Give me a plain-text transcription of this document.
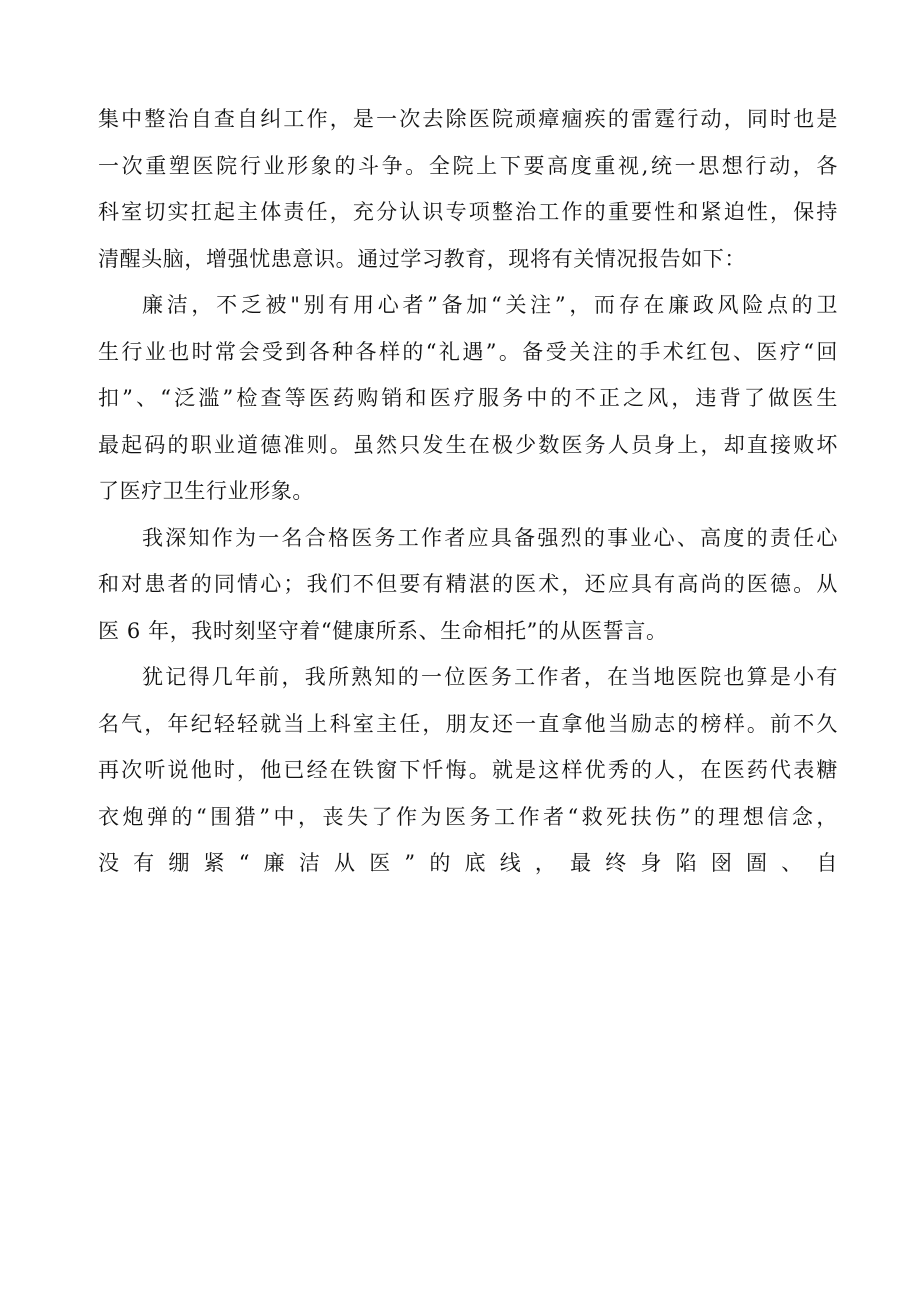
集中整治自查自纠工作，是一次去除医院顽瘴痼疾的雷霆行动，同时也是
一次重塑医院行业形象的斗争。全院上下要高度重视,统一思想行动，各
科室切实扛起主体责任，充分认识专项整治工作的重要性和紧迫性，保持
清醒头脑，增强忧患意识。通过学习教育，现将有关情况报告如下：
廉洁，不乏被"别有用心者”备加“关注”，而存在廉政风险点的卫
生行业也时常会受到各种各样的“礼遇”。备受关注的手术红包、医疗“回
扣”、“泛滥”检查等医药购销和医疗服务中的不正之风，违背了做医生
最起码的职业道德准则。虽然只发生在极少数医务人员身上，却直接败坏
了医疗卫生行业形象。
我深知作为一名合格医务工作者应具备强烈的事业心、高度的责任心
和对患者的同情心；我们不但要有精湛的医术，还应具有高尚的医德。从
医 6 年，我时刻坚守着“健康所系、生命相托”的从医誓言。
犹记得几年前，我所熟知的一位医务工作者，在当地医院也算是小有
名气，年纪轻轻就当上科室主任，朋友还一直拿他当励志的榜样。前不久
再次听说他时，他已经在铁窗下忏悔。就是这样优秀的人，在医药代表糖
衣炮弹的“围猎”中，丧失了作为医务工作者“救死扶伤”的理想信念，
没有绷紧“廉洁从医”的底线，最终身陷囹圄、自
